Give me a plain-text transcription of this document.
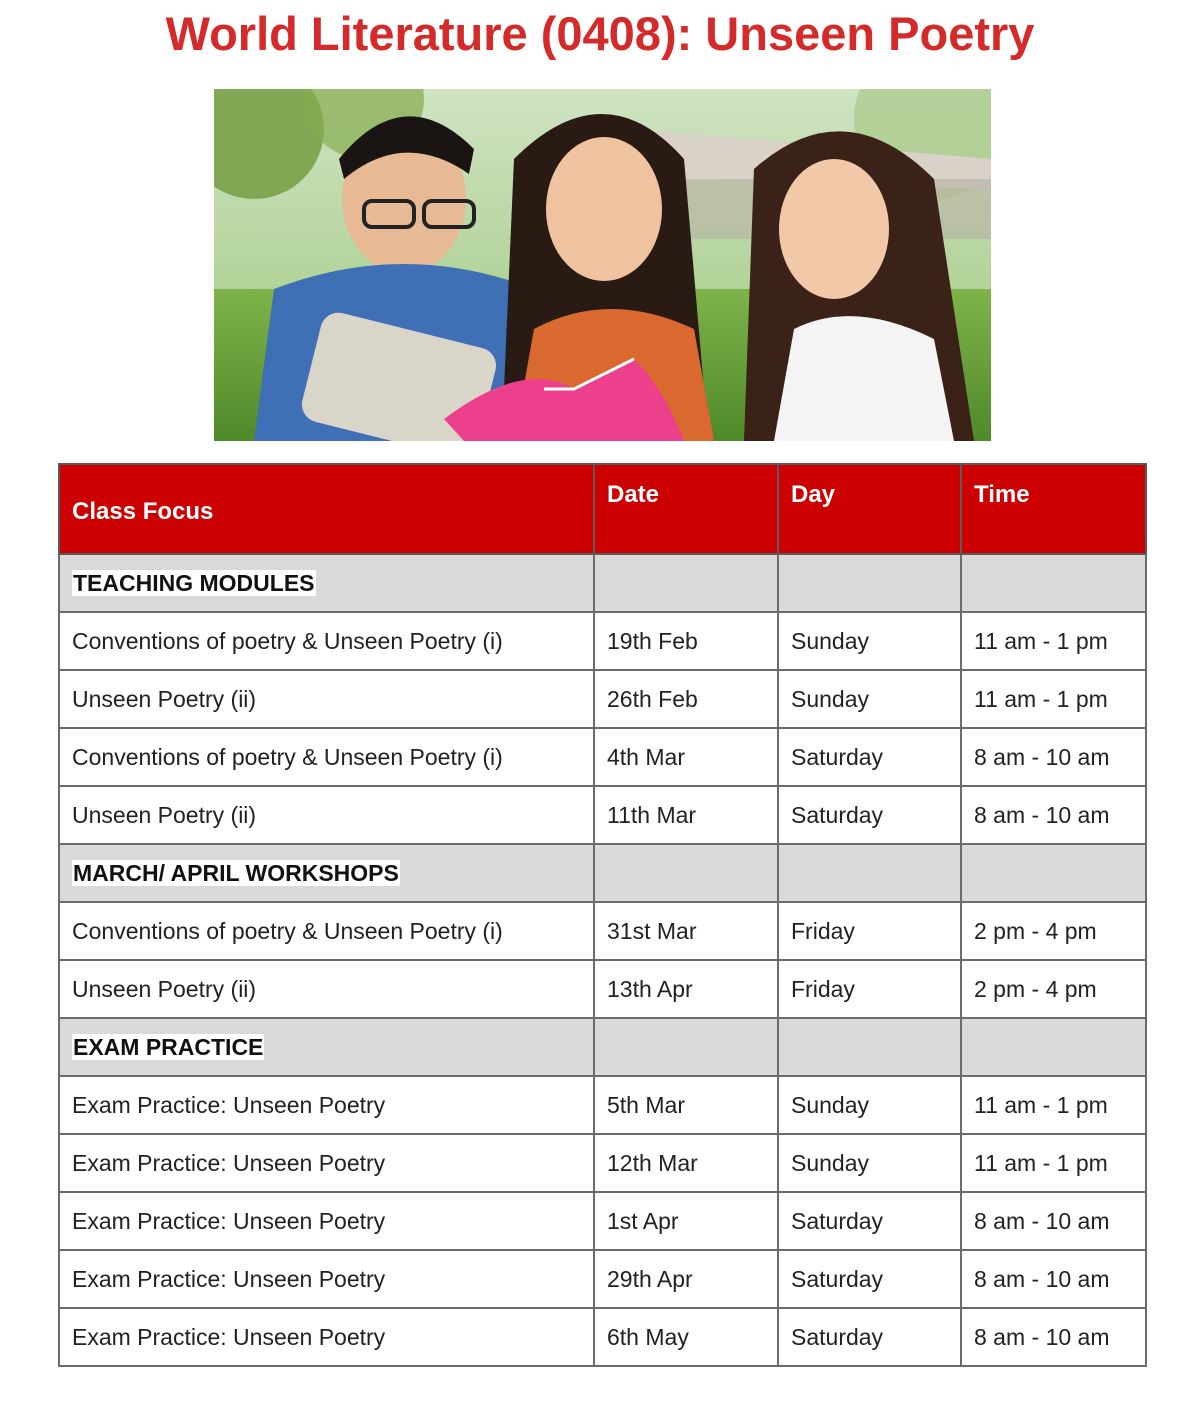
World Literature (0408): Unseen Poetry
Class Focus	Date	Day	Time
TEACHING MODULES			
Conventions of poetry & Unseen Poetry (i)	19th Feb	Sunday	11 am - 1 pm
Unseen Poetry (ii)	26th Feb	Sunday	11 am - 1 pm
Conventions of poetry & Unseen Poetry (i)	4th Mar	Saturday	8 am - 10 am
Unseen Poetry (ii)	11th Mar	Saturday	8 am - 10 am
MARCH/ APRIL WORKSHOPS			
Conventions of poetry & Unseen Poetry (i)	31st Mar	Friday	2 pm - 4 pm
Unseen Poetry (ii)	13th Apr	Friday	2 pm - 4 pm
EXAM PRACTICE			
Exam Practice: Unseen Poetry	5th Mar	Sunday	11 am - 1 pm
Exam Practice: Unseen Poetry	12th Mar	Sunday	11 am - 1 pm
Exam Practice: Unseen Poetry	1st Apr	Saturday	8 am - 10 am
Exam Practice: Unseen Poetry	29th Apr	Saturday	8 am - 10 am
Exam Practice: Unseen Poetry	6th May	Saturday	8 am - 10 am
